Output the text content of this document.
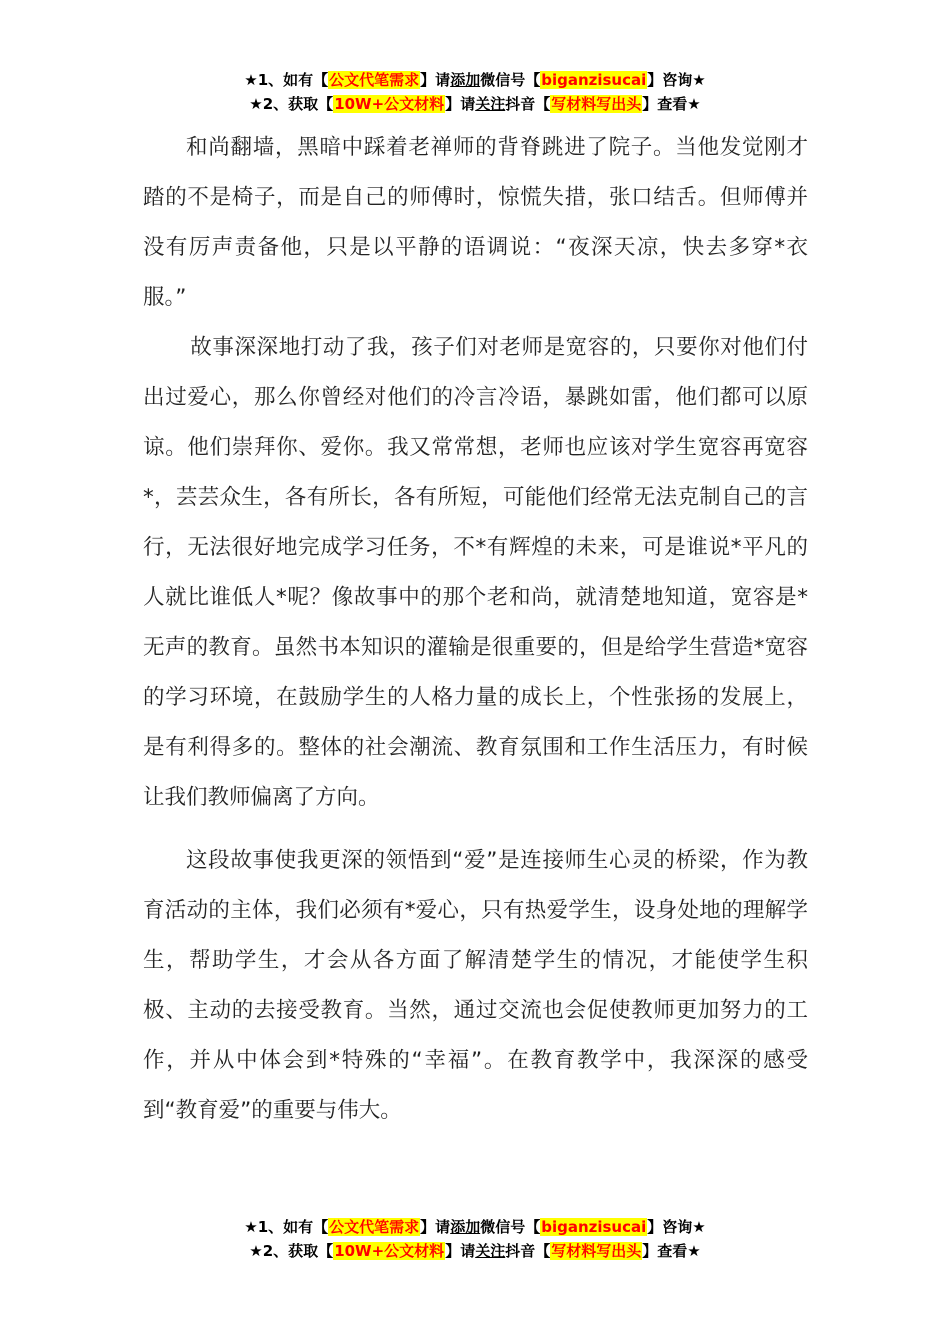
★1、如有【公文代笔需求】请添加微信号【biganzisucai】咨询★
★2、获取【10W+公文材料】请关注抖音【写材料写出头】查看★

和尚翻墙，黑暗中踩着老禅师的背脊跳进了院子。当他发觉刚才踏的不是椅子，而是自己的师傅时，惊慌失措，张口结舌。但师傅并没有厉声责备他，只是以平静的语调说：“夜深天凉，快去多穿*衣服。”

故事深深地打动了我，孩子们对老师是宽容的，只要你对他们付出过爱心，那么你曾经对他们的冷言冷语，暴跳如雷，他们都可以原谅。他们崇拜你、爱你。我又常常想，老师也应该对学生宽容再宽容*，芸芸众生，各有所长，各有所短，可能他们经常无法克制自己的言行，无法很好地完成学习任务，不*有辉煌的未来，可是谁说*平凡的人就比谁低人*呢？像故事中的那个老和尚，就清楚地知道，宽容是*无声的教育。虽然书本知识的灌输是很重要的，但是给学生营造*宽容的学习环境，在鼓励学生的人格力量的成长上，个性张扬的发展上，是有利得多的。整体的社会潮流、教育氛围和工作生活压力，有时候让我们教师偏离了方向。

这段故事使我更深的领悟到“爱”是连接师生心灵的桥梁，作为教育活动的主体，我们必须有*爱心，只有热爱学生，设身处地的理解学生，帮助学生，才会从各方面了解清楚学生的情况，才能使学生积极、主动的去接受教育。当然，通过交流也会促使教师更加努力的工作，并从中体会到*特殊的“幸福”。在教育教学中，我深深的感受到“教育爱”的重要与伟大。

★1、如有【公文代笔需求】请添加微信号【biganzisucai】咨询★
★2、获取【10W+公文材料】请关注抖音【写材料写出头】查看★
